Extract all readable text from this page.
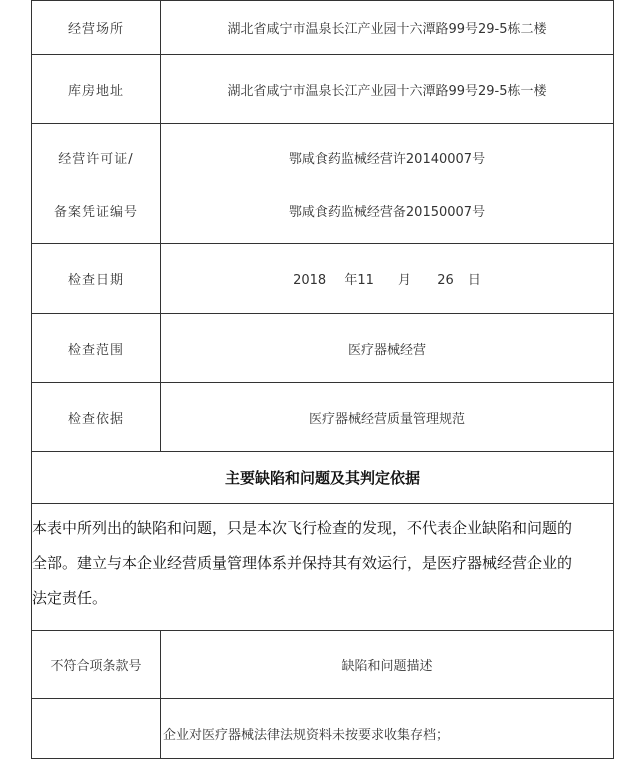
经营场所	湖北省咸宁市温泉长江产业园十六潭路99号29-5栋二楼
库房地址	湖北省咸宁市温泉长江产业园十六潭路99号29-5栋一楼

经营许可证/
备案凭证编号	鄂咸食药监械经营许20140007号
鄂咸食药监械经营备20150007号

检查日期	2018 年11 月 26 日
检查范围	医疗器械经营
检查依据	医疗器械经营质量管理规范
主要缺陷和问题及其判定依据	

本表中所列出的缺陷和问题，只是本次飞行检查的发现，不代表企业缺陷和问题的
全部。建立与本企业经营质量管理体系并保持其有效运行，是医疗器械经营企业的
法定责任。	

不符合项条款号	缺陷和问题描述

	企业对医疗器械法律法规资料未按要求收集存档；
